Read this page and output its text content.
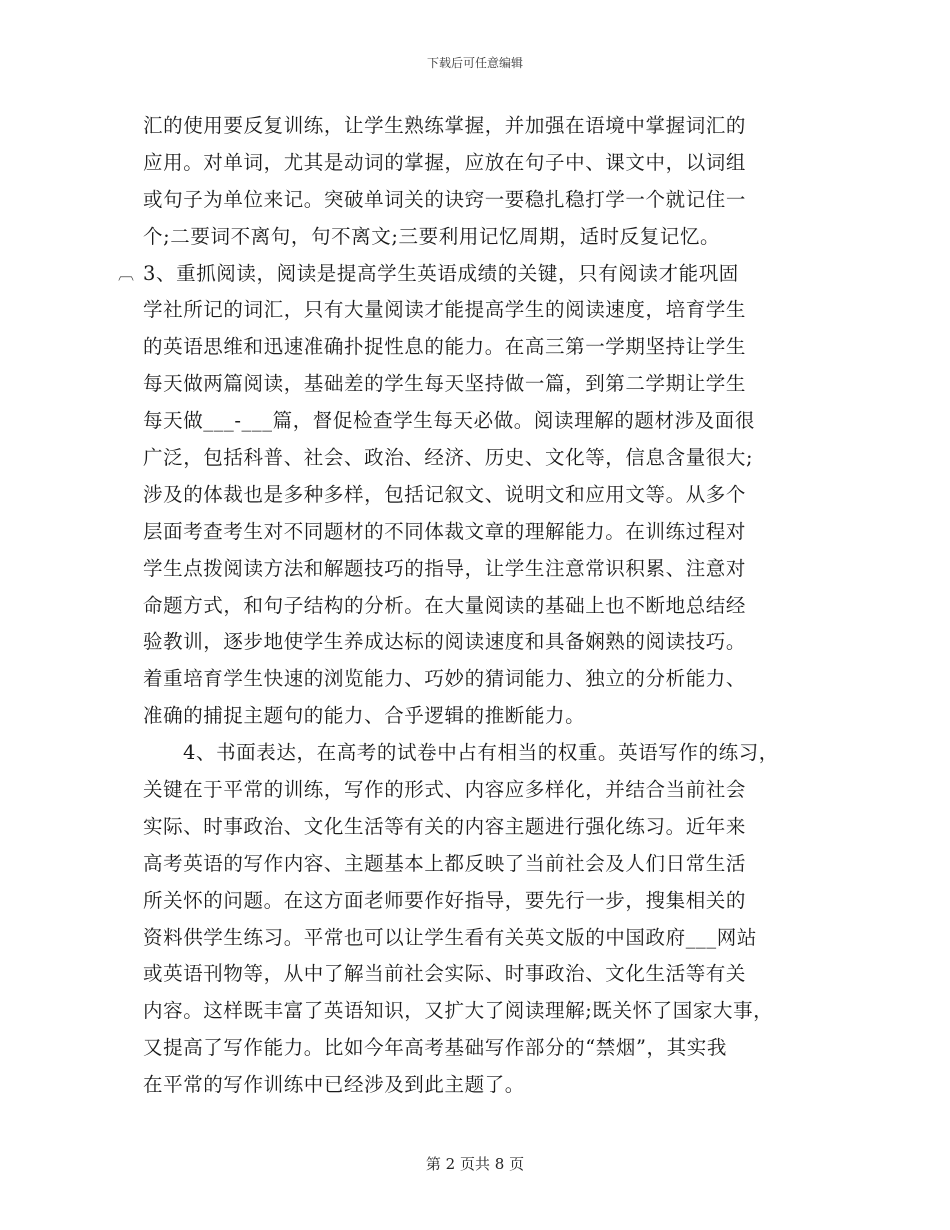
下载后可任意编辑
汇的使用要反复训练，让学生熟练掌握，并加强在语境中掌握词汇的
应用。对单词，尤其是动词的掌握，应放在句子中、课文中，以词组
或句子为单位来记。突破单词关的诀窍一要稳扎稳打学一个就记住一
个;二要词不离句，句不离文;三要利用记忆周期，适时反复记忆。
︹ 3、重抓阅读，阅读是提高学生英语成绩的关键，只有阅读才能巩固
学社所记的词汇，只有大量阅读才能提高学生的阅读速度，培育学生
的英语思维和迅速准确扑捉性息的能力。在高三第一学期坚持让学生
每天做两篇阅读，基础差的学生每天坚持做一篇，到第二学期让学生
每天做___-___篇，督促检查学生每天必做。阅读理解的题材涉及面很
广泛，包括科普、社会、政治、经济、历史、文化等，信息含量很大;
涉及的体裁也是多种多样，包括记叙文、说明文和应用文等。从多个
层面考查考生对不同题材的不同体裁文章的理解能力。在训练过程对
学生点拨阅读方法和解题技巧的指导，让学生注意常识积累、注意对
命题方式，和句子结构的分析。在大量阅读的基础上也不断地总结经
验教训，逐步地使学生养成达标的阅读速度和具备娴熟的阅读技巧。
着重培育学生快速的浏览能力、巧妙的猜词能力、独立的分析能力、
准确的捕捉主题句的能力、合乎逻辑的推断能力。
4、书面表达，在高考的试卷中占有相当的权重。英语写作的练习，
关键在于平常的训练，写作的形式、内容应多样化，并结合当前社会
实际、时事政治、文化生活等有关的内容主题进行强化练习。近年来
高考英语的写作内容、主题基本上都反映了当前社会及人们日常生活
所关怀的问题。在这方面老师要作好指导，要先行一步，搜集相关的
资料供学生练习。平常也可以让学生看有关英文版的中国政府___网站
或英语刊物等，从中了解当前社会实际、时事政治、文化生活等有关
内容。这样既丰富了英语知识，又扩大了阅读理解;既关怀了国家大事，
又提高了写作能力。比如今年高考基础写作部分的“禁烟”，其实我
在平常的写作训练中已经涉及到此主题了。
第 2 页共 8 页
